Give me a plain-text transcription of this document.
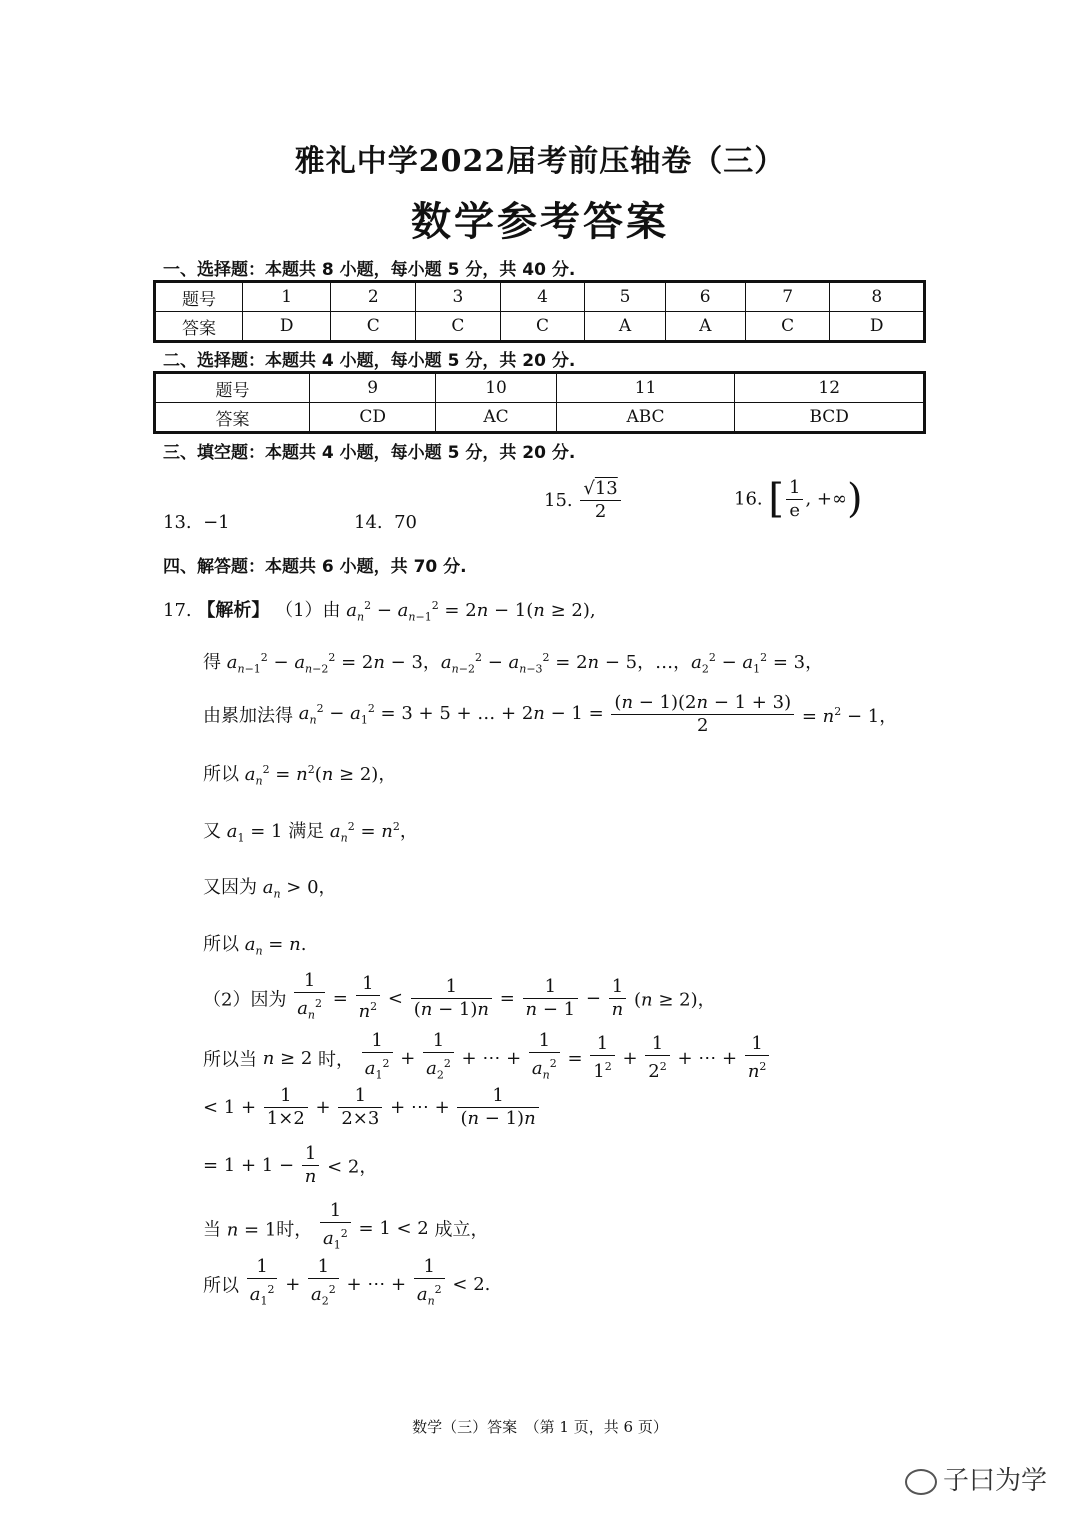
雅礼中学2022届考前压轴卷（三）
数学参考答案
一、选择题：本题共 8 小题，每小题 5 分，共 40 分.
题号	1	2	3	4	5	6	7	8
答案	D	C	C	C	A	A	C	D
二、选择题：本题共 4 小题，每小题 5 分，共 20 分.
题号	9	10	11	12
答案	CD	AC	ABC	BCD
三、填空题：本题共 4 小题，每小题 5 分，共 20 分.
13. −1	14. 70
15. $\frac{√13}{2}$	16. [ $\frac{1}{e}$ , +∞)
四、解答题：本题共 6 小题，共 70 分.
17. 【解析】 （1）由 $a_n^2 - a_{n-1}^2 = 2n - 1(n \ge 2)$,
得 $a_{n-1}^2 - a_{n-2}^2 = 2n - 3$，$a_{n-2}^2 - a_{n-3}^2 = 2n - 5$，…，$a_2^2 - a_1^2 = 3$，
由累加法得 $a_n^2 - a_1^2 = 3 + 5$ + … + $2n - 1 = \frac{(n - 1)(2n - 1 + 3)}{2} = n^2 - 1$，
所以 $a_n^2 = n^2(n \ge 2)$，
又 $a_1 = 1$ 满足 $a_n^2 = n^2$，
又因为 $a_n > 0$，
所以 $a_n = n$.
（2）因为 $\frac{1}{a_n^2} = \frac{1}{n^2} < \frac{1}{(n - 1)n} = \frac{1}{n - 1} - \frac{1}{n} (n \ge 2)$，
所以当 n ≥ 2 时， $\frac{1}{a_1^2} + \frac{1}{a_2^2}$ + ⋯ + $\frac{1}{a_n^2} = \frac{1}{1^2} + \frac{1}{2^2}$ + ⋯ + $\frac{1}{n^2}$
< $1 + \frac{1}{1\times 2} + \frac{1}{2\times 3}$ + ⋯ + $\frac{1}{(n - 1)n}$
= $1 + 1 - \frac{1}{n} < 2$，
当 n = 1时， $\frac{1}{a_1^2} = 1 < 2$ 成立，
所以 $\frac{1}{a_1^2} + \frac{1}{a_2^2}$ + ⋯ + $\frac{1}{a_n^2} < 2$.
数学（三）答案　（第 1 页，共 6 页）
子曰为学
